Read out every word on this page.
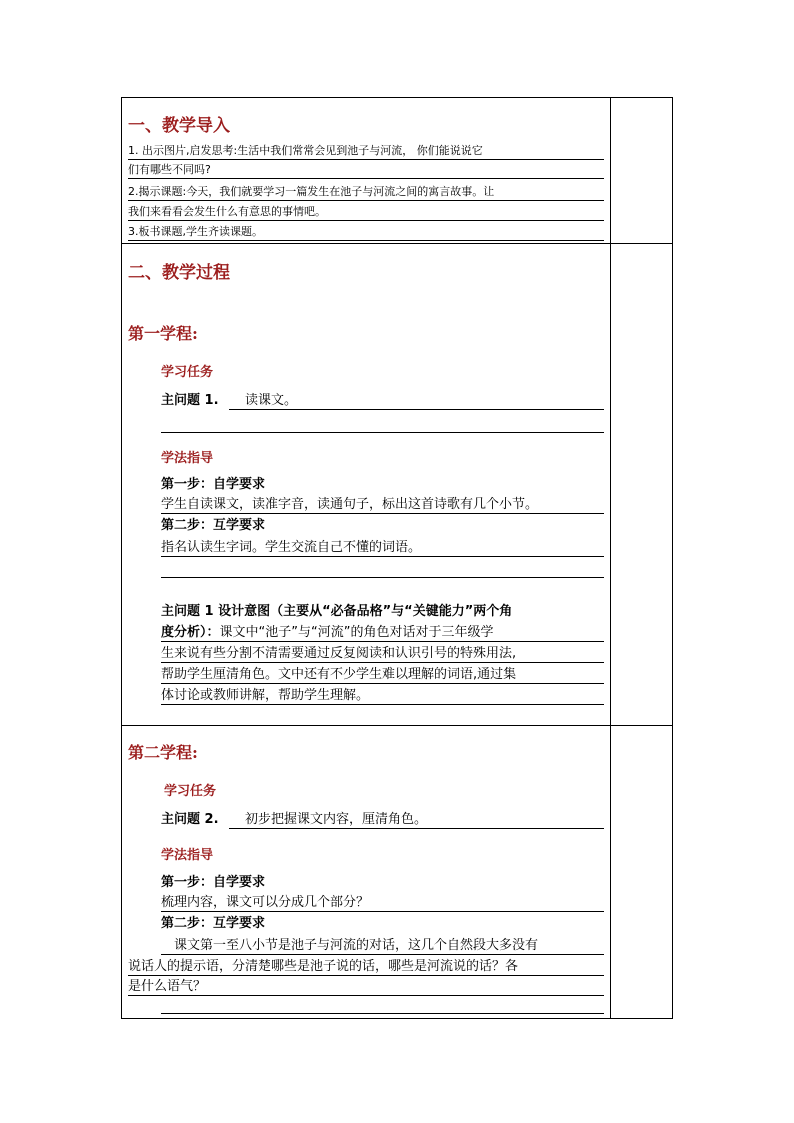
一、教学导入
1. 出示图片,启发思考:生活中我们常常会见到池子与河流， 你们能说说它
们有哪些不同吗?
2.揭示课题:今天，我们就要学习一篇发生在池子与河流之间的寓言故事。让
我们来看看会发生什么有意思的事情吧。
3.板书课题,学生齐读课题。
二、教学过程
第一学程:
学习任务
主问题 1. 读课文。
学法指导
第一步：自学要求
学生自读课文，读准字音，读通句子，标出这首诗歌有几个小节。
第二步：互学要求
指名认读生字词。学生交流自己不懂的词语。
主问题 1 设计意图（主要从“必备品格”与“关键能力”两个角
度分析）：课文中“池子”与“河流”的角色对话对于三年级学
生来说有些分割不清需要通过反复阅读和认识引号的特殊用法,
帮助学生厘清角色。文中还有不少学生难以理解的词语,通过集
体讨论或教师讲解，帮助学生理解。
第二学程:
学习任务
主问题 2. 初步把握课文内容，厘清角色。
学法指导
第一步：自学要求
梳理内容，课文可以分成几个部分？
第二步：互学要求
课文第一至八小节是池子与河流的对话，这几个自然段大多没有
说话人的提示语，分清楚哪些是池子说的话，哪些是河流说的话？各
是什么语气？
